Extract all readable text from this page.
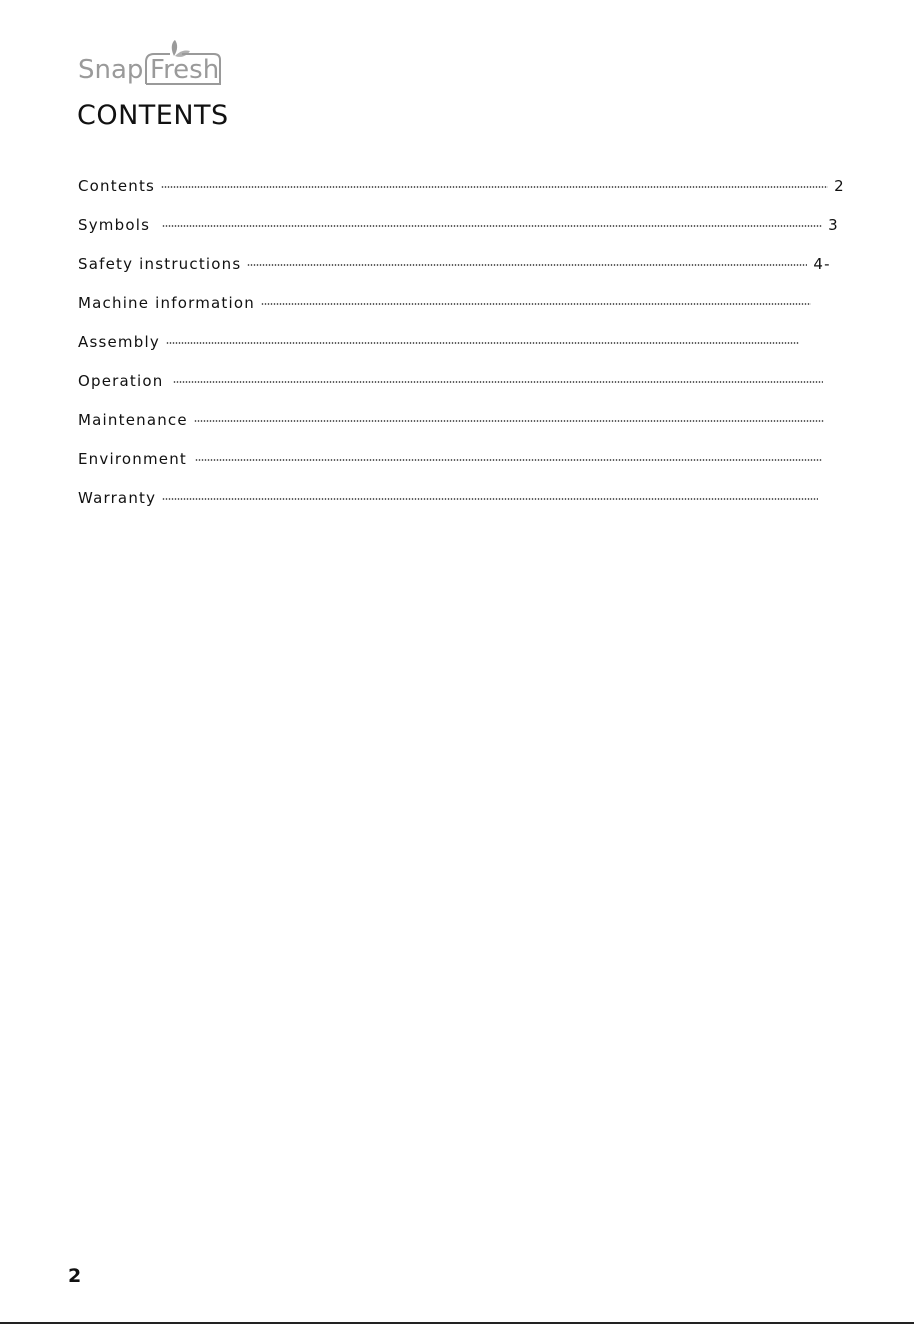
Snap Fresh
CONTENTS
Contents	2
Symbols	3
Safety instructions	4-
Machine information
Assembly
Operation
Maintenance
Environment
Warranty
2
